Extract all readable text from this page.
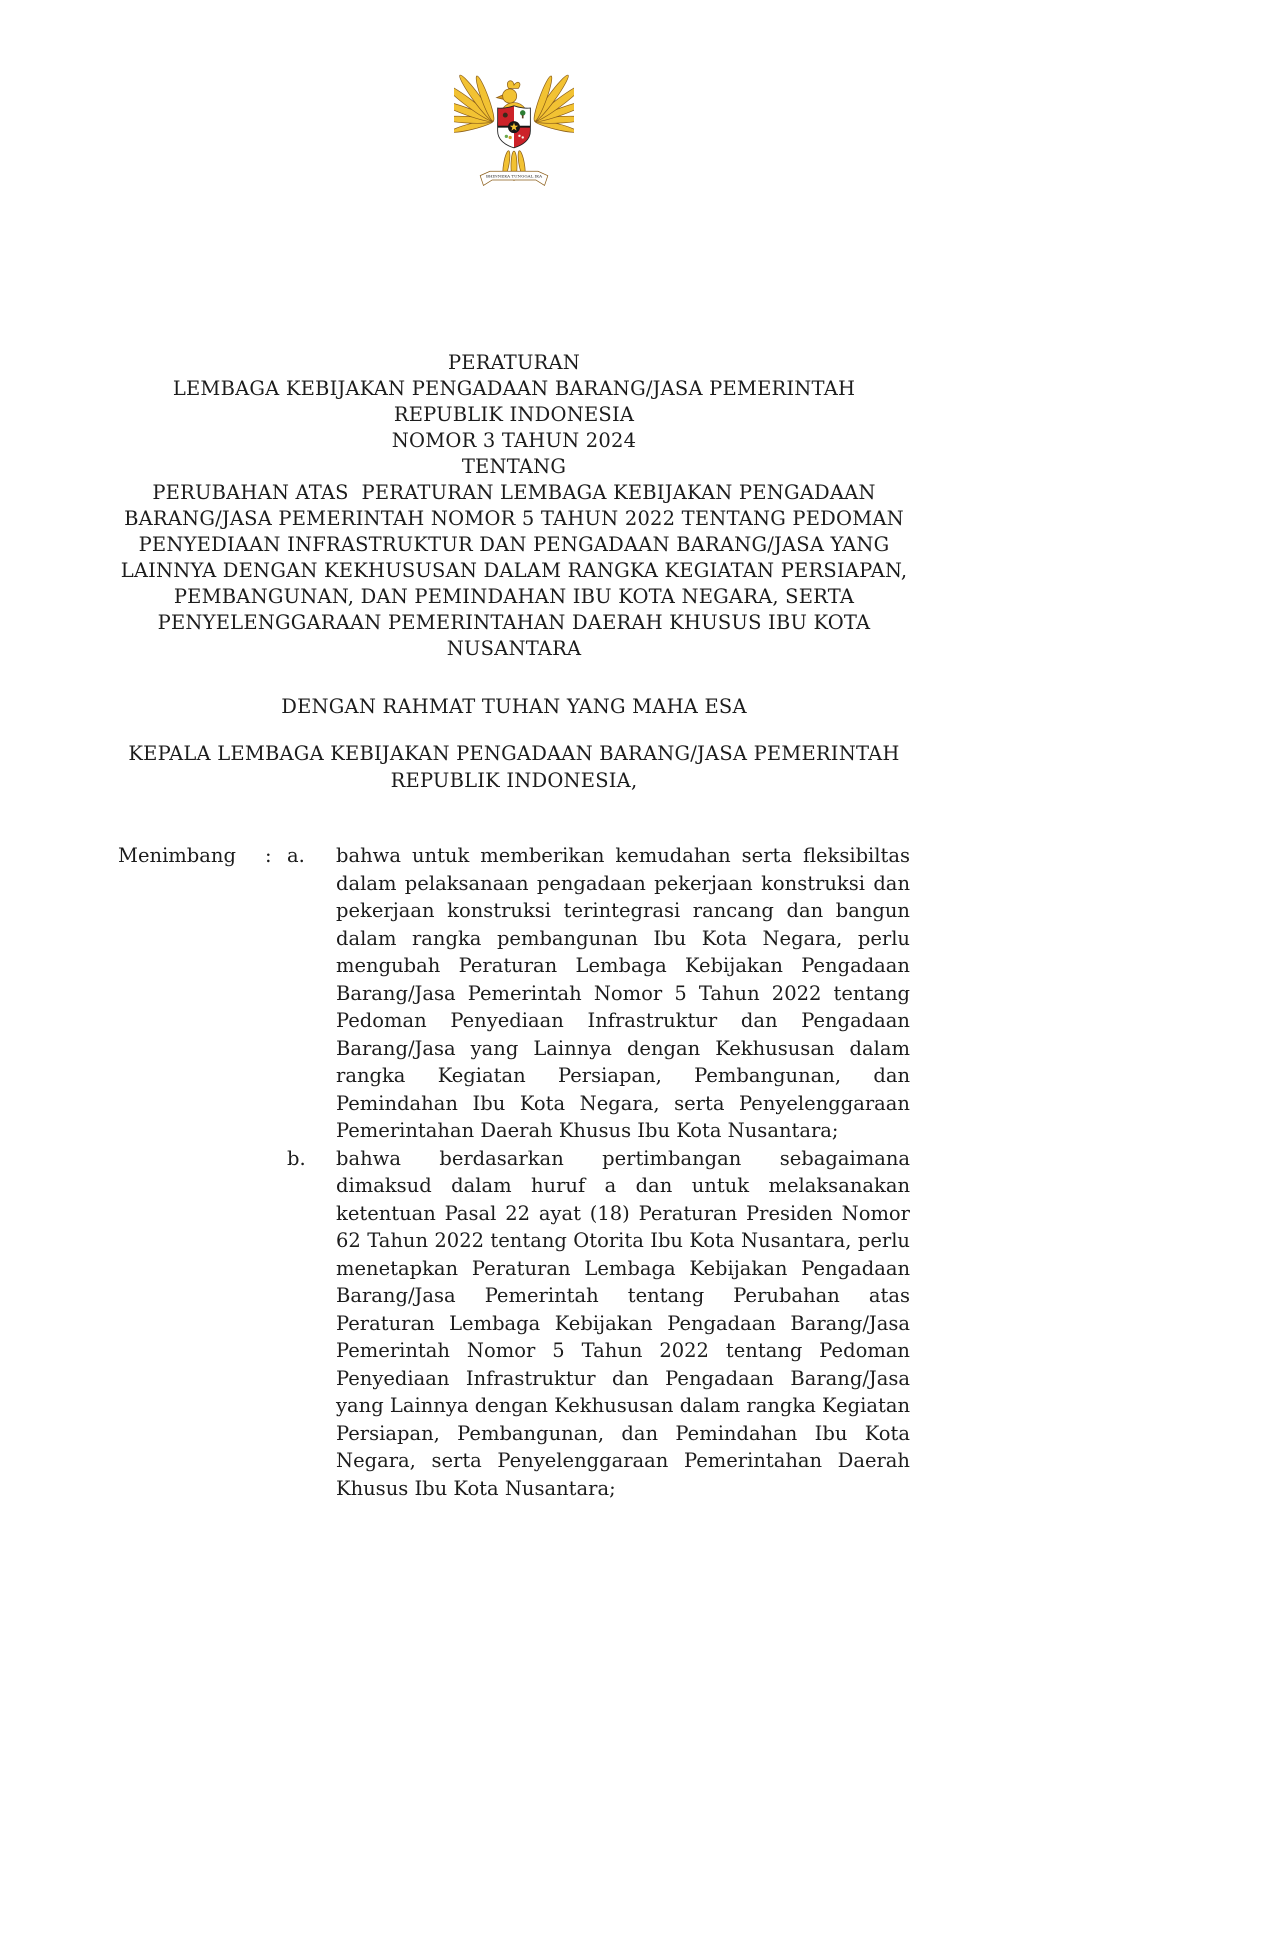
BHINNEKA TUNGGAL IKA
PERATURAN
LEMBAGA KEBIJAKAN PENGADAAN BARANG/JASA PEMERINTAH
REPUBLIK INDONESIA
NOMOR 3 TAHUN 2024
TENTANG
PERUBAHAN ATAS  PERATURAN LEMBAGA KEBIJAKAN PENGADAAN
BARANG/JASA PEMERINTAH NOMOR 5 TAHUN 2022 TENTANG PEDOMAN
PENYEDIAAN INFRASTRUKTUR DAN PENGADAAN BARANG/JASA YANG
LAINNYA DENGAN KEKHUSUSAN DALAM RANGKA KEGIATAN PERSIAPAN,
PEMBANGUNAN, DAN PEMINDAHAN IBU KOTA NEGARA, SERTA
PENYELENGGARAAN PEMERINTAHAN DAERAH KHUSUS IBU KOTA
NUSANTARA
DENGAN RAHMAT TUHAN YANG MAHA ESA
KEPALA LEMBAGA KEBIJAKAN PENGADAAN BARANG/JASA PEMERINTAH
REPUBLIK INDONESIA,
Menimbang	: a.	bahwa untuk memberikan kemudahan serta fleksibiltas dalam pelaksanaan pengadaan pekerjaan konstruksi dan pekerjaan konstruksi terintegrasi rancang dan bangun dalam rangka pembangunan Ibu Kota Negara, perlu mengubah Peraturan Lembaga Kebijakan Pengadaan Barang/Jasa Pemerintah Nomor 5 Tahun 2022 tentang Pedoman Penyediaan Infrastruktur dan Pengadaan Barang/Jasa yang Lainnya dengan Kekhususan dalam rangka Kegiatan Persiapan, Pembangunan, dan Pemindahan Ibu Kota Negara, serta Penyelenggaraan Pemerintahan Daerah Khusus Ibu Kota Nusantara;
b.	bahwa berdasarkan pertimbangan sebagaimana dimaksud dalam huruf a dan untuk melaksanakan ketentuan Pasal 22 ayat (18) Peraturan Presiden Nomor 62 Tahun 2022 tentang Otorita Ibu Kota Nusantara, perlu menetapkan Peraturan Lembaga Kebijakan Pengadaan Barang/Jasa Pemerintah tentang Perubahan atas Peraturan Lembaga Kebijakan Pengadaan Barang/Jasa Pemerintah Nomor 5 Tahun 2022 tentang Pedoman Penyediaan Infrastruktur dan Pengadaan Barang/Jasa yang Lainnya dengan Kekhususan dalam rangka Kegiatan Persiapan, Pembangunan, dan Pemindahan Ibu Kota Negara, serta Penyelenggaraan Pemerintahan Daerah Khusus Ibu Kota Nusantara;
